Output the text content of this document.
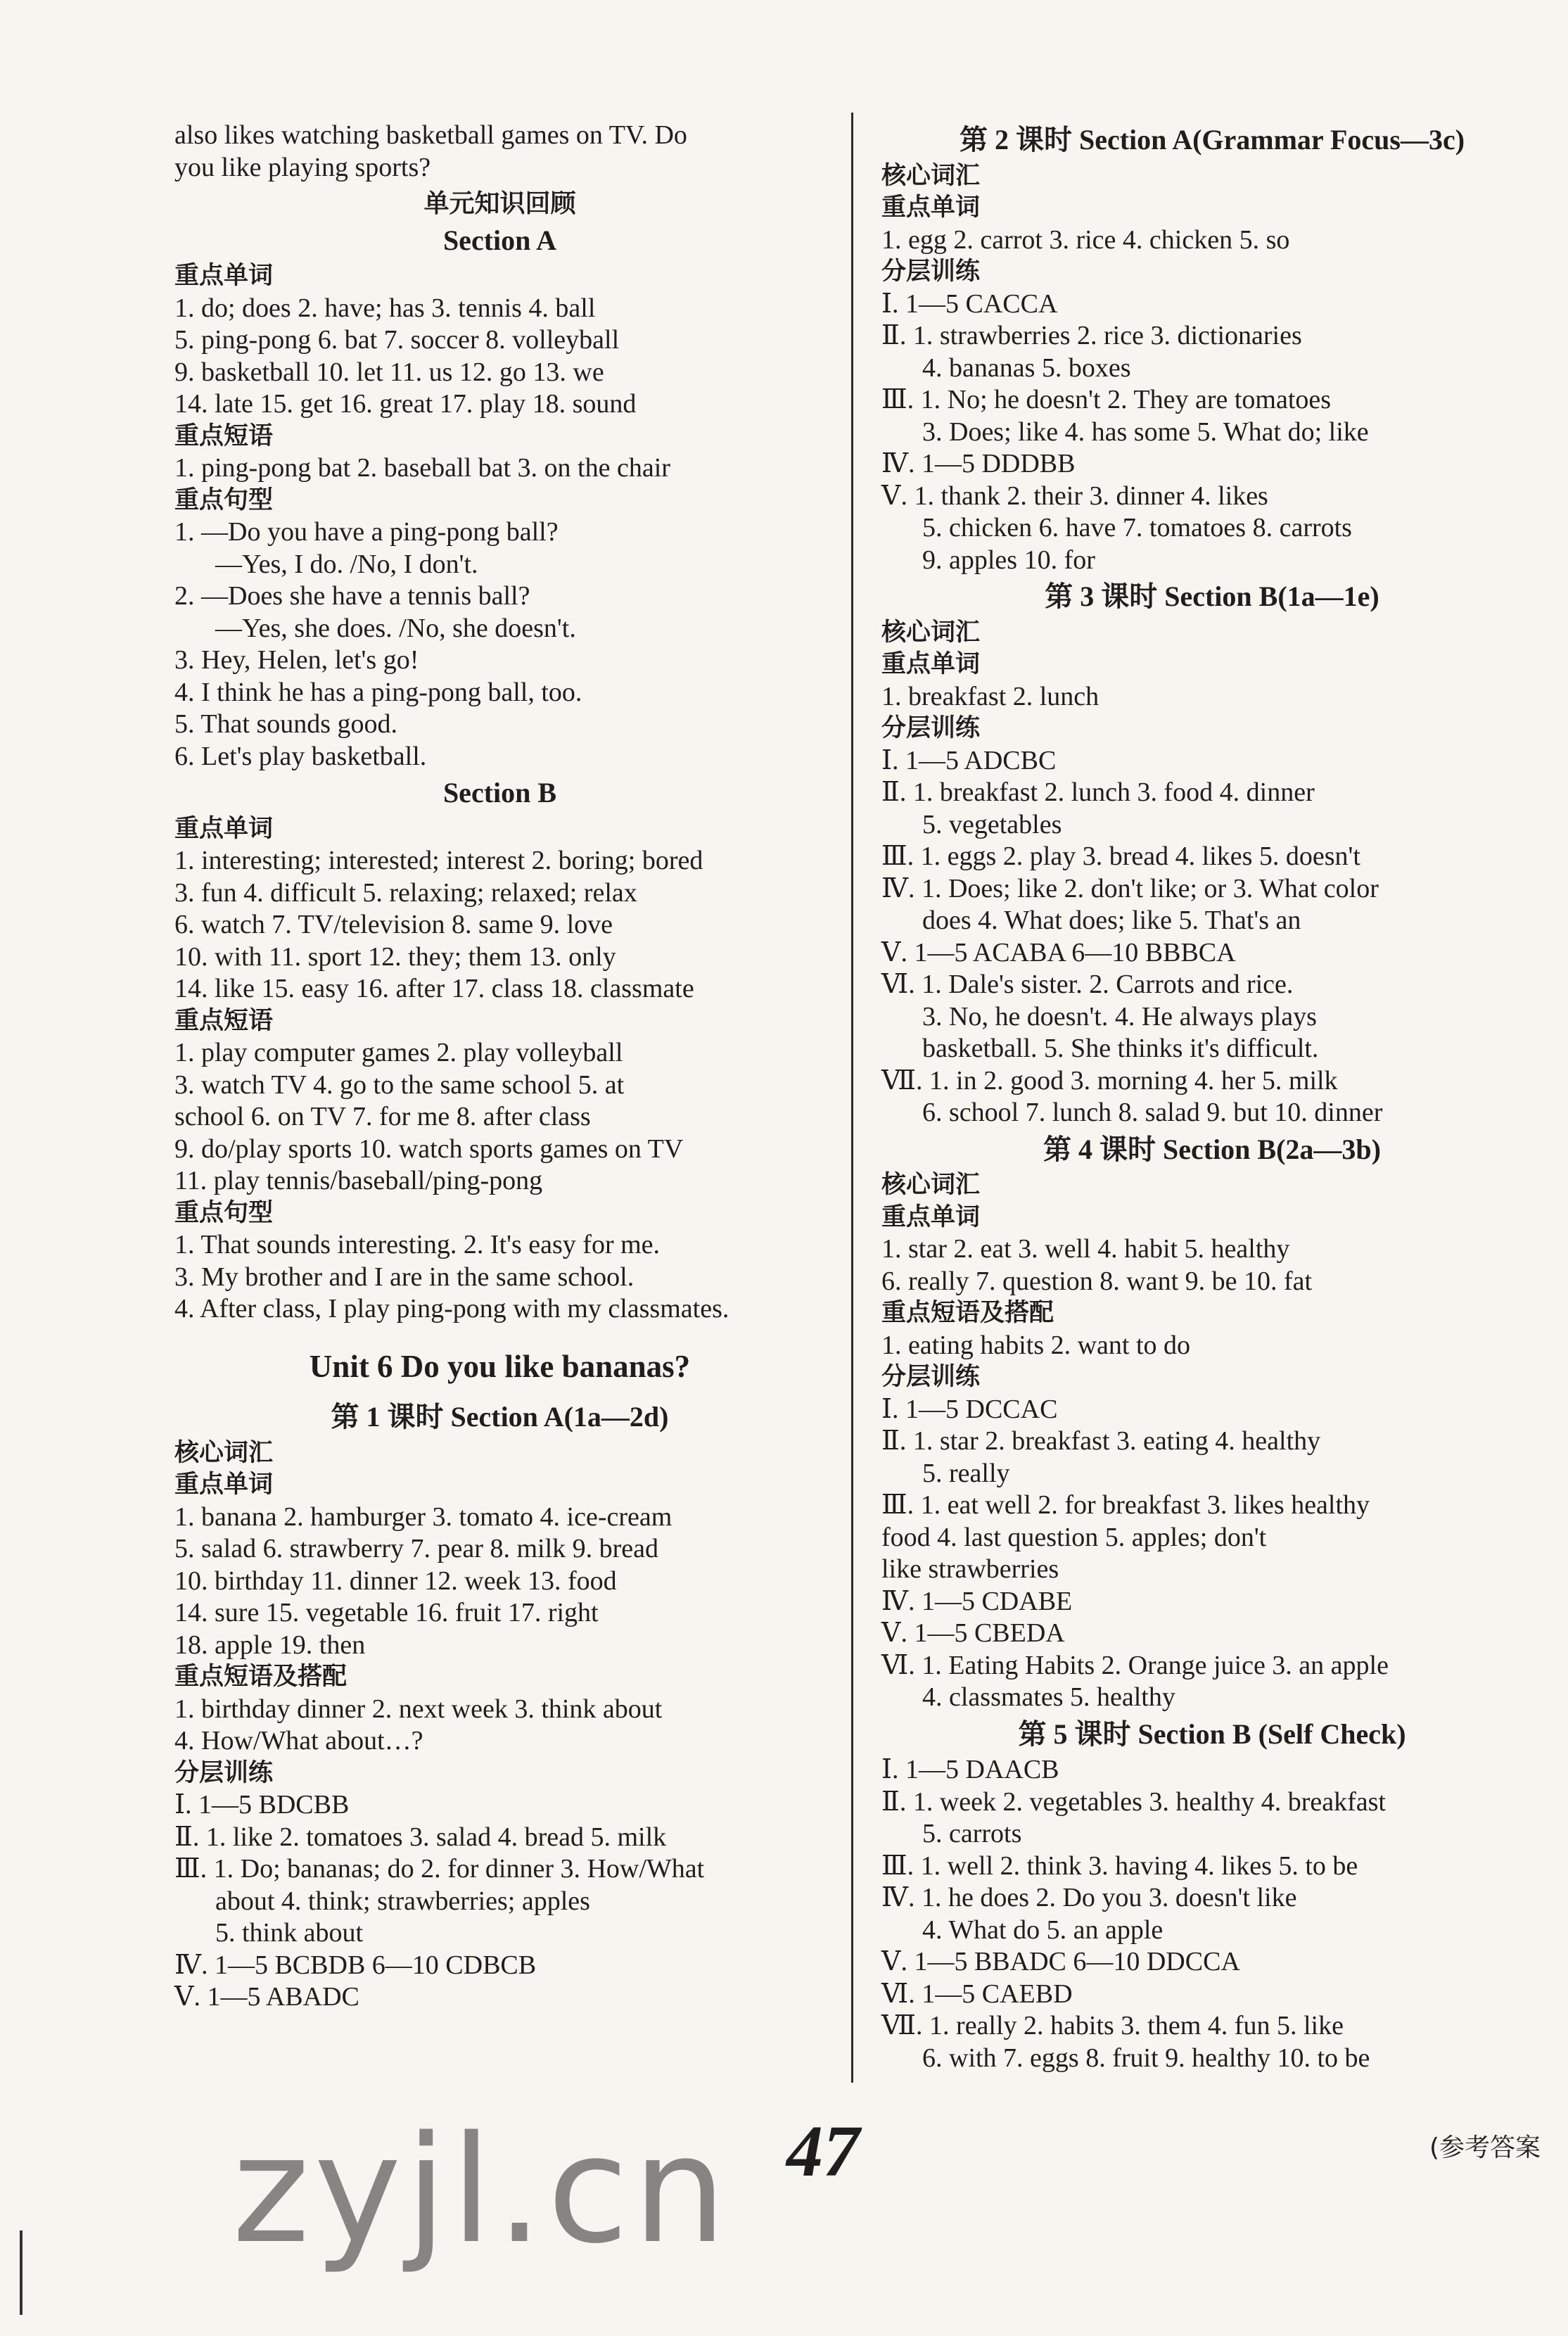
also likes watching basketball games on TV. Do
you like playing sports?
单元知识回顾
Section A
重点单词
1. do; does 2. have; has 3. tennis 4. ball
5. ping-pong 6. bat 7. soccer 8. volleyball
9. basketball 10. let 11. us 12. go 13. we
14. late 15. get 16. great 17. play 18. sound
重点短语
1. ping-pong bat 2. baseball bat 3. on the chair
重点句型
1. —Do you have a ping-pong ball?
—Yes, I do. /No, I don't.
2. —Does she have a tennis ball?
—Yes, she does. /No, she doesn't.
3. Hey, Helen, let's go!
4. I think he has a ping-pong ball, too.
5. That sounds good.
6. Let's play basketball.
Section B
重点单词
1. interesting; interested; interest 2. boring; bored
3. fun 4. difficult 5. relaxing; relaxed; relax
6. watch 7. TV/television 8. same 9. love
10. with 11. sport 12. they; them 13. only
14. like 15. easy 16. after 17. class 18. classmate
重点短语
1. play computer games 2. play volleyball
3. watch TV 4. go to the same school 5. at
school 6. on TV 7. for me 8. after class
9. do/play sports 10. watch sports games on TV
11. play tennis/baseball/ping-pong
重点句型
1. That sounds interesting. 2. It's easy for me.
3. My brother and I are in the same school.
4. After class, I play ping-pong with my classmates.
Unit 6 Do you like bananas?
第 1 课时 Section A(1a—2d)
核心词汇
重点单词
1. banana 2. hamburger 3. tomato 4. ice-cream
5. salad 6. strawberry 7. pear 8. milk 9. bread
10. birthday 11. dinner 12. week 13. food
14. sure 15. vegetable 16. fruit 17. right
18. apple 19. then
重点短语及搭配
1. birthday dinner 2. next week 3. think about
4. How/What about…?
分层训练
Ⅰ. 1—5 BDCBB
Ⅱ. 1. like 2. tomatoes 3. salad 4. bread 5. milk
Ⅲ. 1. Do; bananas; do 2. for dinner 3. How/What
about 4. think; strawberries; apples
5. think about
Ⅳ. 1—5 BCBDB 6—10 CDBCB
Ⅴ. 1—5 ABADC
第 2 课时 Section A(Grammar Focus—3c)
核心词汇
重点单词
1. egg 2. carrot 3. rice 4. chicken 5. so
分层训练
Ⅰ. 1—5 CACCA
Ⅱ. 1. strawberries 2. rice 3. dictionaries
4. bananas 5. boxes
Ⅲ. 1. No; he doesn't 2. They are tomatoes
3. Does; like 4. has some 5. What do; like
Ⅳ. 1—5 DDDBB
Ⅴ. 1. thank 2. their 3. dinner 4. likes
5. chicken 6. have 7. tomatoes 8. carrots
9. apples 10. for
第 3 课时 Section B(1a—1e)
核心词汇
重点单词
1. breakfast 2. lunch
分层训练
Ⅰ. 1—5 ADCBC
Ⅱ. 1. breakfast 2. lunch 3. food 4. dinner
5. vegetables
Ⅲ. 1. eggs 2. play 3. bread 4. likes 5. doesn't
Ⅳ. 1. Does; like 2. don't like; or 3. What color
does 4. What does; like 5. That's an
Ⅴ. 1—5 ACABA 6—10 BBBCA
Ⅵ. 1. Dale's sister. 2. Carrots and rice.
3. No, he doesn't. 4. He always plays
basketball. 5. She thinks it's difficult.
Ⅶ. 1. in 2. good 3. morning 4. her 5. milk
6. school 7. lunch 8. salad 9. but 10. dinner
第 4 课时 Section B(2a—3b)
核心词汇
重点单词
1. star 2. eat 3. well 4. habit 5. healthy
6. really 7. question 8. want 9. be 10. fat
重点短语及搭配
1. eating habits 2. want to do
分层训练
Ⅰ. 1—5 DCCAC
Ⅱ. 1. star 2. breakfast 3. eating 4. healthy
5. really
Ⅲ. 1. eat well 2. for breakfast 3. likes healthy
food 4. last question 5. apples; don't
like strawberries
Ⅳ. 1—5 CDABE
Ⅴ. 1—5 CBEDA
Ⅵ. 1. Eating Habits 2. Orange juice 3. an apple
4. classmates 5. healthy
第 5 课时 Section B (Self Check)
Ⅰ. 1—5 DAACB
Ⅱ. 1. week 2. vegetables 3. healthy 4. breakfast
5. carrots
Ⅲ. 1. well 2. think 3. having 4. likes 5. to be
Ⅳ. 1. he does 2. Do you 3. doesn't like
4. What do 5. an apple
Ⅴ. 1—5 BBADC 6—10 DDCCA
Ⅵ. 1—5 CAEBD
Ⅶ. 1. really 2. habits 3. them 4. fun 5. like
6. with 7. eggs 8. fruit 9. healthy 10. to be
zyjl.cn 47	(参考答案
